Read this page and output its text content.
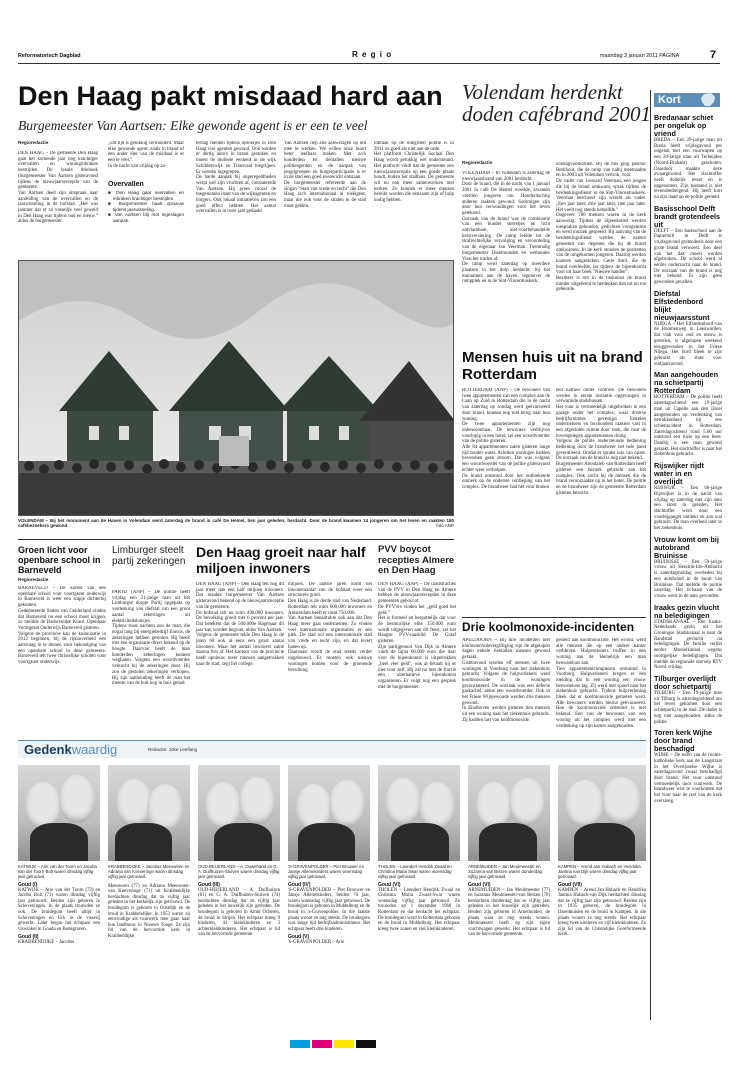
Reformatorisch Dagblad	R e g i o	maandag 3 januari 2011 PAGINA	7
Den Haag pakt misdaad hard aan
Burgemeester Van Aartsen: Elke gewonde agent is er een te veel
Regioredactie
DEN HAAG – De gemeente Den Haag gaat het komende jaar nog krachtiger overvallen en woninginbraken bestrijden. De lokale driehoek (burgemeester Van Aartsen gisteravond tijdens de nieuwjaarsreceptie van de gemeente.
Van Aartsen deed zijn uitspraak naar aanleiding van de overvallen en de jaarwisseling in de hofstad. „Het was jammer dat er zo vreselijk veel geweld in Den Haag was tijdens oud en nieuw.” aldus de burgemeester.
„Dit tijd is gelukkig verminderd. Maar elke gewonde agent, zoals in brand of een ander dier van de misdaad is er een te veel.”
In de nacht van vrijdag op za-
Overvallen
■ Den Haag gaat overvallen en inbraken krachtiger bestrijden.
■ Burgemeester haalt opnieuw tijdens jaarwisseling.
■ Van Aartsen blij met ingeslagen aanpak.
terdag melden tijdens oproerjes in Den Haag vier agenten gewond. Ook werden er dertig auto's in brand gestoken en moest de mobiele eenheid in de wijk Schilderswijk en Transvaal toegrijpen. Er werden ingegrepen.
De harde aanpak bij ongeregeldheden werpt wel zijn vruchten af, constateerde Van Aartsen. Hij prees vooral de toegenomen inzet van de wijkagenten en burgers. Ook lokaal initiatieven zou een goed effect hebben. Het aantal overvallen is in twee jaar gedaald.
Van Aartsen riep alle aanwezigen op om mee te werken. We willen onze buurt beter leefbaar maken. Met zo'n honderden en tientallen nieuwe politieagenten en de aanpak van jeugdgroepen en burgerparticipatie is er in de stad een goed evenwicht ontstaan.
De burgemeester refereerde aan de slogan "Stad van vrede en recht" die Den Haag zich internationaal al toeëigent, maar die ook voor de straten in de stad moet gelden.
inbraak op de integriteit politie is in 2011 zo goed als niet aan de orde.
Het platform Christelijk Sociaal Den Haag wordt gelukkig wel ondersteund. Het platform vindt dat de gemeente een nieuwjaarsreceptie op een goede plaats houdt, buiten het stadhuis. De gemeente wil nu ook meer samenwerken met kerken. Zo kunnen er meer mensen bereikt worden die eenzaam zijn of hulp nodig hebben.
VOLENDAM – Bij het monument aan de Haven in Volendam werd zaterdag de brand in café De Hemel, tien jaar geleden, herdacht. Door de brand kwamen 14 jongeren om het leven en raakten 180 cafébezoekers gewond.	foto ANP
Volendam herdenkt doden cafébrand 2001
Regioredactie
VOLENDAM – In Volendam is zaterdag de nieuwjaarsbrand van 2001 herdacht.
Door de brand, die in de nacht van 1 januari 2001 in café De Hemel woedde, kwamen veertien jongeren om. Honderdachtig anderen raakten gewond. Sommigen zijn door hun verwondingen voor het leven getekend.
Oorzaak van de brand was de combinatie van een bundel sterretjes en licht ontvlambare, niet-voorbehandelde kerstversiering. De ramp leidde tot de strafrechtelijke vervolging en veroordeling van de eigenaar Jan Veerman. Toenmalig burgemeester IJsselmonden en wethouder Visscher traden af.
De ramp werd zaterdag op meerdere plaatsen in het dorp herdacht: bij het monument aan de haven, tegenover de rampplek en in de Sint-Vincentiuskerk.
zondagvoorkomen. Bij de mis ging pastoor Berkhout, die de ramp van nabij meemaakte en in 2003 uit Volendam vertrok, voor.
De vader van Leonard Veerman, een jongen die bij de brand omkwam, sprak tijdens de herdenkingsdienst in de Sint-Vincentiuskerk. Veerman beschreef zijn wereld als vader. „Een jaar later, drie jaar later, tien jaar later. Het voelt nog steeds hetzelfde.”
Ongeveer 700 mensen waren in de kerk aanwezig. Tijdens de bijeenkomst werden toespraken gehouden, gedichten voorgelezen en werd muziek gespeeld. Bij aanvang van de herdenkingsdienst werden de namen genoemd van degenen die bij de brand omkwamen. In de kerk stonden de portretten van de omgekomen jongeren. Daarbij werden kaarsen aangestoken. Gerie Smit, die de brand overleefde, las tijdens de bijeenkomst voor uit haar boek "Nieuwe handen".
Bezitters is om in de toekomst de brand minder uitgebreid te herdenken dan tot nu toe gebeurde.
Mensen huis uit na brand Rotterdam
ROTTERDAM (ANP) – De bewoners van twee appartementen van een complex aan de Laan op Zuid in Rotterdam die in de nacht van zaterdag op zondag werd geëvacueerd door brand, kunnen nog niet terug naar hun woning.
De twee appartementen zijn nog onbewoonbaar. De bewoners verblijven voorlopig in een hotel, zei een woordvoerder van de politie gisteren.
Alle 84 appartementen zaten gisteren lange tijd zonder water. Achttien woningen hadden bovendien geen stroom. Dat was volgens een woordvoerder van de politie gisteravond echter weer verholpen.
De brand ontstond door het ontbrekende onmerk op de onderste verdieping van het complex. De brandweer had het vuur binnen
een halfuur onder controle. De bewoners werden in eerste instantie opgevangen in verwarmde stadsbussen.
Het vuur is vermoedelijk uitgebroken in een garage onder het complex, waar diverse bedrijfsruimtes gevestigd. Enkelen ondernemers en boxhouders raakten vast in een afgesloten ruimte door rook, die naar de bovengelegen appartementen drong.
Volgens de politie ondersteunde bediening bediening door de brandweer het hele pand geventileerd. Omdat er sprake was van opzet. De oorzaak van de brand is nog niet bekend.
Burgemeester Aboutaleb van Rotterdam heeft gisteren een bezoek gebracht aan het complex. Ook zocht hij de mensen die de brand veroorzaakte op in het hotel. De politie en de brandweer zijn de gemeente Rotterdam gisteren bezocht.
Drie koolmonoxide-incidenten
APELDOORN – Bij drie incidenten met koolmonoxidevergiftiging zijn de afgelopen dagen enkele tientallen mensen gewond geraakt.
Gisteravond werden elf mensen uit twee woningen in Voorburg naar het ziekenhuis gebracht. Volgens de hulpverleners werd koolmonoxide in de woningen geconstateerd. De oorzaak was een defecte gaskachel, aldus een woordvoerder. Ook in het Friese Wijnjewoude werden drie mensen gewond.
In Eindhoven werden gisteren tien mensen uit een woning naar het ziekenhuis gebracht. Zij hadden last van koolmonoxide.
gesteld aan koolmonoxide. Het woord, werd alle mensen die op een andere kamer verbleven. Hulpverleners troffen in een woning aan de Hemelrijk een man bewusteloos aan.
Tien appartementcomplexen ontruimd in Voorburg. Hulpverleners kregen er een melding dat in een woning een vrouw bewusteloos lag. Zij werd met spoed naar het ziekenhuis gebracht. Tijdens hulpverlening bleek dat er koolmonoxide gemeten werd. Alle bewoners werden hierna geëvacueerd. Hoe de koolmonoxide ontstond is niet bekend. Een van de bewoners van een woning uit het complex werd met een verdenking op zijn kamer aangehouden.
Groen licht voor openbare school in Barneveld
Regioredactie
BARNEVELD – De komst van een openbare school voor voortgezet onderwijs in Barneveld is weer een stapje dichterbij gekomen.
Gedeputeerde Staten van Gelderland vinden dat Barneveld nu een school moet krijgen, zo meldde de Barneveldse Krant. Openbaar Voortgezet Onderwijs Barneveld gisteren.
Volgens de provincie kan de kolonizatie in 2012 beginnen, bij de rijksoverheid een aanvraag in te dienen voor bekostiging van een openbare school in deze gemeente. Barneveld telt twee christelijke scholen voor voortgezet onderwijs.
Limburger steelt partij zekeringen
PARTIJ (ANP) – De politie heeft vrijdag een 21-jarige man uit het Limburgse dorpje Partij opgepakt op verdenking van diefstal van een groot aantal zekeringen uit elektriciteitshuisjes.
Tijdens twee nachten zou de man, die nogal lang bij energiebedrijf Enexis, de zekeringen hebben gestolen. Hij bleek met een organisatie direct bekend op de hoogte. Daarvan heeft de man honderden zekeringen kunnen weghalen. Volgens een woordvoerder verkocht hij de zekeringen door. Hij zou de gestolen zekeringen verkopen. Bij zijn aanhouding heeft de man het meeste van de buit nog in huis gehad.
Den Haag groeit naar half miljoen inwoners
DEN HAAG (ANP) – Den Haag telt nog dit jaar meer dan een half miljoen inwoners. Dat maakte burgemeester Van Aartsen gisteravond bekend op de nieuwjaarsreceptie van de gemeente.
De hofstad telt nu ruim 490.000 inwoners. De bevolking groeit met 6 procent per jaar. Dat betekent dat de 500.000e Hagenaar dit jaar kan worden begroet, aldus Van Aartsen.
Volgens de gemeente telde Den Haag in de jaren 60 ook al eens een groot aantal inwoners. Maar het aantal inwoners zakte daarna fors af. Het kantoor van de provincie heeft opnieuw meer mensen aangetrokken naar de stad, zegt het college.
miljoen. De laatste jaren komt het inwoneraantal van de hofstad weer een structurele groei.
Den Haag is de derde stad van Nederland. Rotterdam telt ruim 600.000 inwoners en Amsterdam heeft er ruim 750.000.
Van Aartsen benadrukte ook aan dat Den Haag meer gaat ondernemen. Zo vinden veel internationale organisaties er een plek. De stad wil een internationale stad van vrede en recht zijn, en dat levert banen op.
Daarnaast wordt de stad steeds verder opgebouwd. Er moeten ook nieuwe woningen komen voor de groeiende bevolking.
PVV boycot recepties Almere en Den Haag
DEN HAAG (ANP) – De raadsfracties van de PVV in Den Haag en Almere hebben de nieuwjaarsrecepties in deze gemeenten geboycot.
De PVV'ers vinden het „geld goed het geld.”
Het is formeel en bespottelijk dat voor de bestuurlijke elite 150.000 euro wordt uitgegeven aan dit feest, zei het Haagse PVV-raadslid De Graaf gisteren.
Zijn partijgenoot Van Dijk in Almere vindt de bijna 60.000 euro die daar voor de bijeenkomst is uitgetrokken „heel veel geld”, ook al betaalt hij er niet voor zelf. Hij zal nu met de fractie een alternatieve bijeenkomst organiseren. Er volgt nog een gesprek met de burgemeester.
Kort
Bredanaar schiet per ongeluk op vriend
BREDA – Een 29-jarige man uit Breda heeft vrijdagavond per ongeluk met een vuurwapen op een 20-jarige man uit Terheijden (Noord-Brabant) geschoten. Daardoor maakte deze zwaargewond. Het slachtoffer heeft dodelijk letsel en is opgenomen. Zijn toestand is niet levensbedreigend. Hij heeft kort na zijn daad op de politie gemeld.
Basisschool Delft brandt grotendeels uit
DELFT – Een basisschool aan de Papiermill in Delft is vrijdagavond grotendeels door een grote brand verwoest. Een deel van het dak moest worden afgebroken. De school werd al eerder onderzocht naar de brand. De oorzaak van de brand is nog niet bekend. Er zijn geen gewonden gevallen.
Diefstal Elfstedenbord blijkt nieuwjaarsstunt
NIJEGA – Het Elfstedenbord van de Boomenweg in Leeuwarden, dat vlak voor oud en nieuw is gestolen, is afgelopen weekend teruggevonden in het Friese Nijega. Het bord bleek te zijn gebruikt als stunt voor oudjaarsavond.
Man aangehouden na schietpartij Rotterdam
ROTTERDAM – De politie heeft zaterdagochtend een 19-jarige man uit Capelle aan den IJssel aangehouden op verdenking van betrokkenheid bij een schietincident in Rotterdam. Zaterdagochtend rond 5.00 uur ontstond een ruzie op een feest. Daarbij is een man gewond geraakt. Het slachtoffer is naar het ziekenhuis gebracht.
Rijswijker rijdt water in en overlijdt
RIJSWIJK – Een 60-jarige Rijswijker is in de nacht van vrijdag op zaterdag met zijn auto een sloot in gereden. Het slachtoffer werd door een voorbijganger ontdekt en aan wal gebracht. De man overleed later in het ziekenhuis.
Vrouw komt om bij autobrand Bruinisse
BRUINISSE – Een 59-jarige vrouw uit Hendrik-Ido-Ambacht is zaterdagmiddag overleden bij een autobrand in de buurt van Bruinisse. Dat meldde de politie zaterdag. Het lichaam van de vrouw werd in de auto gevonden.
Iraaks gezin vlucht na beledigingen
STADSKANAAL – Een Iraaks-Nederlands gezin uit het Groningse Stadskanaal is naar de Randstad gevlucht na beledigingen. De familie verliet eerder Musselkanaal wegens soortgelijke beledigingen. Dat meldde de regionale omroep RTV Noord vrijdag.
Tilburger overlijdt door schietpartij
TILBURG – Een 19-jarige man uit Tilburg is zaterdagochtend om het leven gekomen door een schietpartij in de stad. De dader is nog niet aangehouden, aldus de politie.
Toren kerk Wijhe door brand beschadigd
WIJHE – De toren van de rooms-katholieke kerk aan de Langstraat in het Overijsselse Wijhe is zaterdagavond zwaar beschadigd door brand. Het vuur ontstond vermoedelijk door vuurwerk. De brandweer wist te voorkomen dat het vuur naar de rest van de kerk oversloeg.
Gedenkwaardig	Redactie: Joke Leeflang
KATWIJK – Arie van der Toorn en Jacoba van der Toorn-Bolt waren dinsdag vijftig jaar getrouwd.
Goud (I)
KATWIJK – Arie van der Toorn (72) en Jacoba Bolt (71) waren dinsdag vijftig jaar getrouwd. Beiden zijn geboren in Scheveningen. In de plaats trouwden ze ook. De bruidegom heeft altijd in Scheveningen en Urk in de visserij gewerkt. Later begon het echtpaar een viswinkel in Gouda en Bodegraven.
Goud (II)
KRABBENDIJKE – Jacobus
KRABBENDIJKE – Jacobus Meeuwsen en Adriana van Koeveringe waren dinsdag vijftig jaar getrouwd.
Meeuwsen (77) en Adriana Meeuwsen-van Koeveringe (71) uit Krabbendijke herdachten dinsdag dat ze vijftig jaar geleden in het kerkelijk zijn getrouwd. De bruidegom is geboren in Oostdijk en de bruid in Krabbendijke. In 1953 waren zij eenvoudige als vuurwerk mee gaan naar hun landbouw in Nieuwe Tonge. Ze zijn lid van de hervormde kerk in Krabbendijke.
OUD-BEIJERLAND – A. Ouwehand en G. A. Duifhuizen-Stuiven waren dinsdag vijftig jaar getrouwd.
Goud (III)
OUD-BEIJERLAND – A. Duifhuizen (81) en G. A. Duifhuizen-Stuiven (74) herdachten dinsdag dat ze vijftig jaar geleden in het huwelijk zijn getreden. De bruidegom is geboren in Ambt Ocheren, de bruid in Strijen. Het echtpaar kreeg 9 kinderen, 41 kleinkinderen en 3 achterkleinkinderen. Het echtpaar is lid van de hervormde gemeente.
'S-GRAVENPOLDER – Piet Brouwer en Jansje Allemekinders waren woensdag vijftig jaar getrouwd.
Goud (IV)
'S-GRAVENPOLDER – Piet Brouwer en Jansje Allemekinders, beiden 70 jaar, waren woensdag vijftig jaar getrouwd. De bruidegom is geboren in Middelburg en de bruid in 's-Gravenpolder. In die laatste plaats woont ze nog steeds. De bruidegom was lange tijd bedrijfsadministrateur. Het echtpaar heeft drie kinderen.
Goud (V)
'S-GRAVENPOLDER – Arie
THOLEN – Leendert Hendrik Zwaal en Christina Maria Swar waren woensdag vijftig jaar getrouwd.
Goud (VI)
THOLEN – Leendert Hendrik Zwaal en Christina Maria Zwaal-Swar waren woensdag vijftig jaar getrouwd. Ze trouwden op 1 december 1960 in Rotterdam en dat herdacht het echtpaar. De bruidegom werd in Rotterdam geboren en de bruid in Middelburg. Het echtpaar kreeg twee zonen en vier kleinkinderen.
ARNEMUIDEN – Jan Meulmeester en Suzanna van Belzen waren donderdag vijftig jaar getrouwd.
Goud (VI)
ARNEMUIDEN – Jan Meulmeester (77) en Suzanna Meulmeester-van Belzen (70) herdachten donderdag dat ze vijftig jaar geleden in het huwelijk zijn getreden. Beiden zijn geboren in Arnemuiden, de plaats waar ze nog steeds wonen. Meulmeester heeft op zijn eigen vrachtwagen gewerkt. Het echtpaar is lid van de hervormde gemeente.
KAMPEN – Arend Jan Hubach en Hendrika Jantina van Dijk waren dinsdag vijftig jaar getrouwd.
Goud (VII)
KAMPEN – Arend Jan Hubach en Hendrika Jantina Hubach-van Dijk herdachten dinsdag dat ze vijftig jaar zijn getrouwd. Beiden zijn in 1935 geboren, de bruidegom in IJsselmuiden en de bruid in Kampen. In die plaats wonen ze nog steeds. Het echtpaar kreeg twee kinderen en vijf kleinkinderen. Ze zijn lid van de Christelijke Gereformeerde Kerk.
